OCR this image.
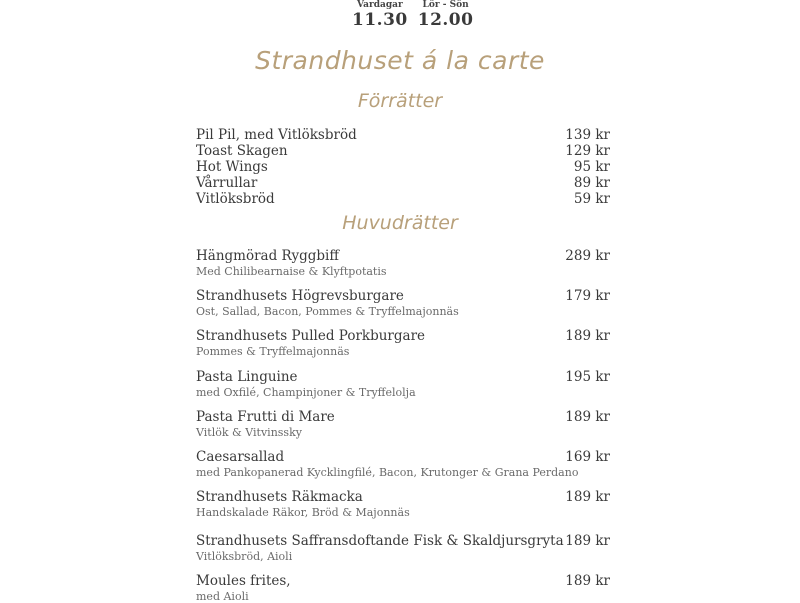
Vardagar
11.30
Lör - Sön
12.00
Strandhuset á la carte
Förrätter
Pil Pil, med Vitlöksbröd	139 kr
Toast Skagen	129 kr
Hot Wings	95 kr
Vårrullar	89 kr
Vitlöksbröd	59 kr
Huvudrätter
Hängmörad Ryggbiff	289 kr
Med Chilibearnaise & Klyftpotatis
Strandhusets Högrevsburgare	179 kr
Ost, Sallad, Bacon, Pommes & Tryffelmajonnäs
Strandhusets Pulled Porkburgare	189 kr
Pommes & Tryffelmajonnäs
Pasta Linguine	195 kr
med Oxfilé, Champinjoner & Tryffelolja
Pasta Frutti di Mare	189 kr
Vitlök & Vitvinssky
Caesarsallad	169 kr
med Pankopanerad Kycklingfilé, Bacon, Krutonger & Grana Perdano
Strandhusets Räkmacka	189 kr
Handskalade Räkor, Bröd & Majonnäs
Strandhusets Saffransdoftande Fisk & Skaldjursgryta 189 kr
Vitlöksbröd, Aioli
Moules frites,	189 kr
med Aioli
